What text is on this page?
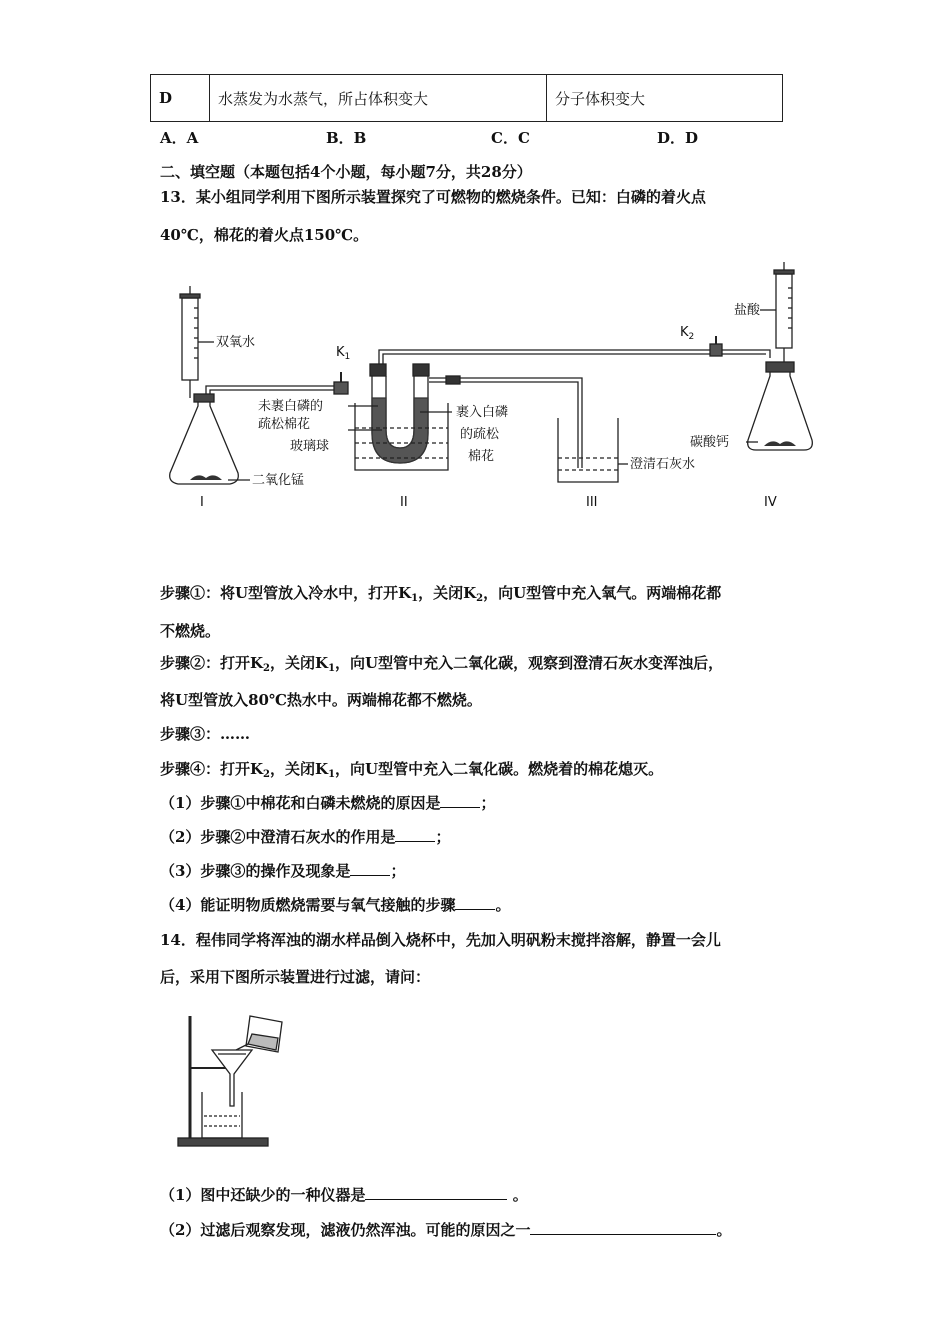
D	水蒸发为水蒸气，所占体积变大	分子体积变大
A．A	B．B	C．C	D．D
二、填空题（本题包括4个小题，每小题7分，共28分）
13．某小组同学利用下图所示装置探究了可燃物的燃烧条件。已知：白磷的着火点
40℃，棉花的着火点150℃。
双氧水
$K_1$
$K_2$
盐酸
未裹白磷的
疏松棉花
玻璃球
裹入白磷
的疏松
棉花
二氧化锰
澄清石灰水
碳酸钙
I	II	III	IV
步骤①：将U型管放入冷水中，打开$K_1$，关闭$K_2$，向U型管中充入氧气。两端棉花都
不燃烧。
步骤②：打开$K_2$，关闭$K_1$，向U型管中充入二氧化碳，观察到澄清石灰水变浑浊后，
将U型管放入80℃热水中。两端棉花都不燃烧。
步骤③：……
步骤④：打开$K_2$，关闭$K_1$，向U型管中充入二氧化碳。燃烧着的棉花熄灭。
（1）步骤①中棉花和白磷未燃烧的原因是	；
（2）步骤②中澄清石灰水的作用是	；
（3）步骤③的操作及现象是	；
（4）能证明物质燃烧需要与氧气接触的步骤	。
14．程伟同学将浑浊的湖水样品倒入烧杯中，先加入明矾粉末搅拌溶解，静置一会儿
后，采用下图所示装置进行过滤，请问：
（1）图中还缺少的一种仪器是	。
（2）过滤后观察发现，滤液仍然浑浊。可能的原因之一	。
